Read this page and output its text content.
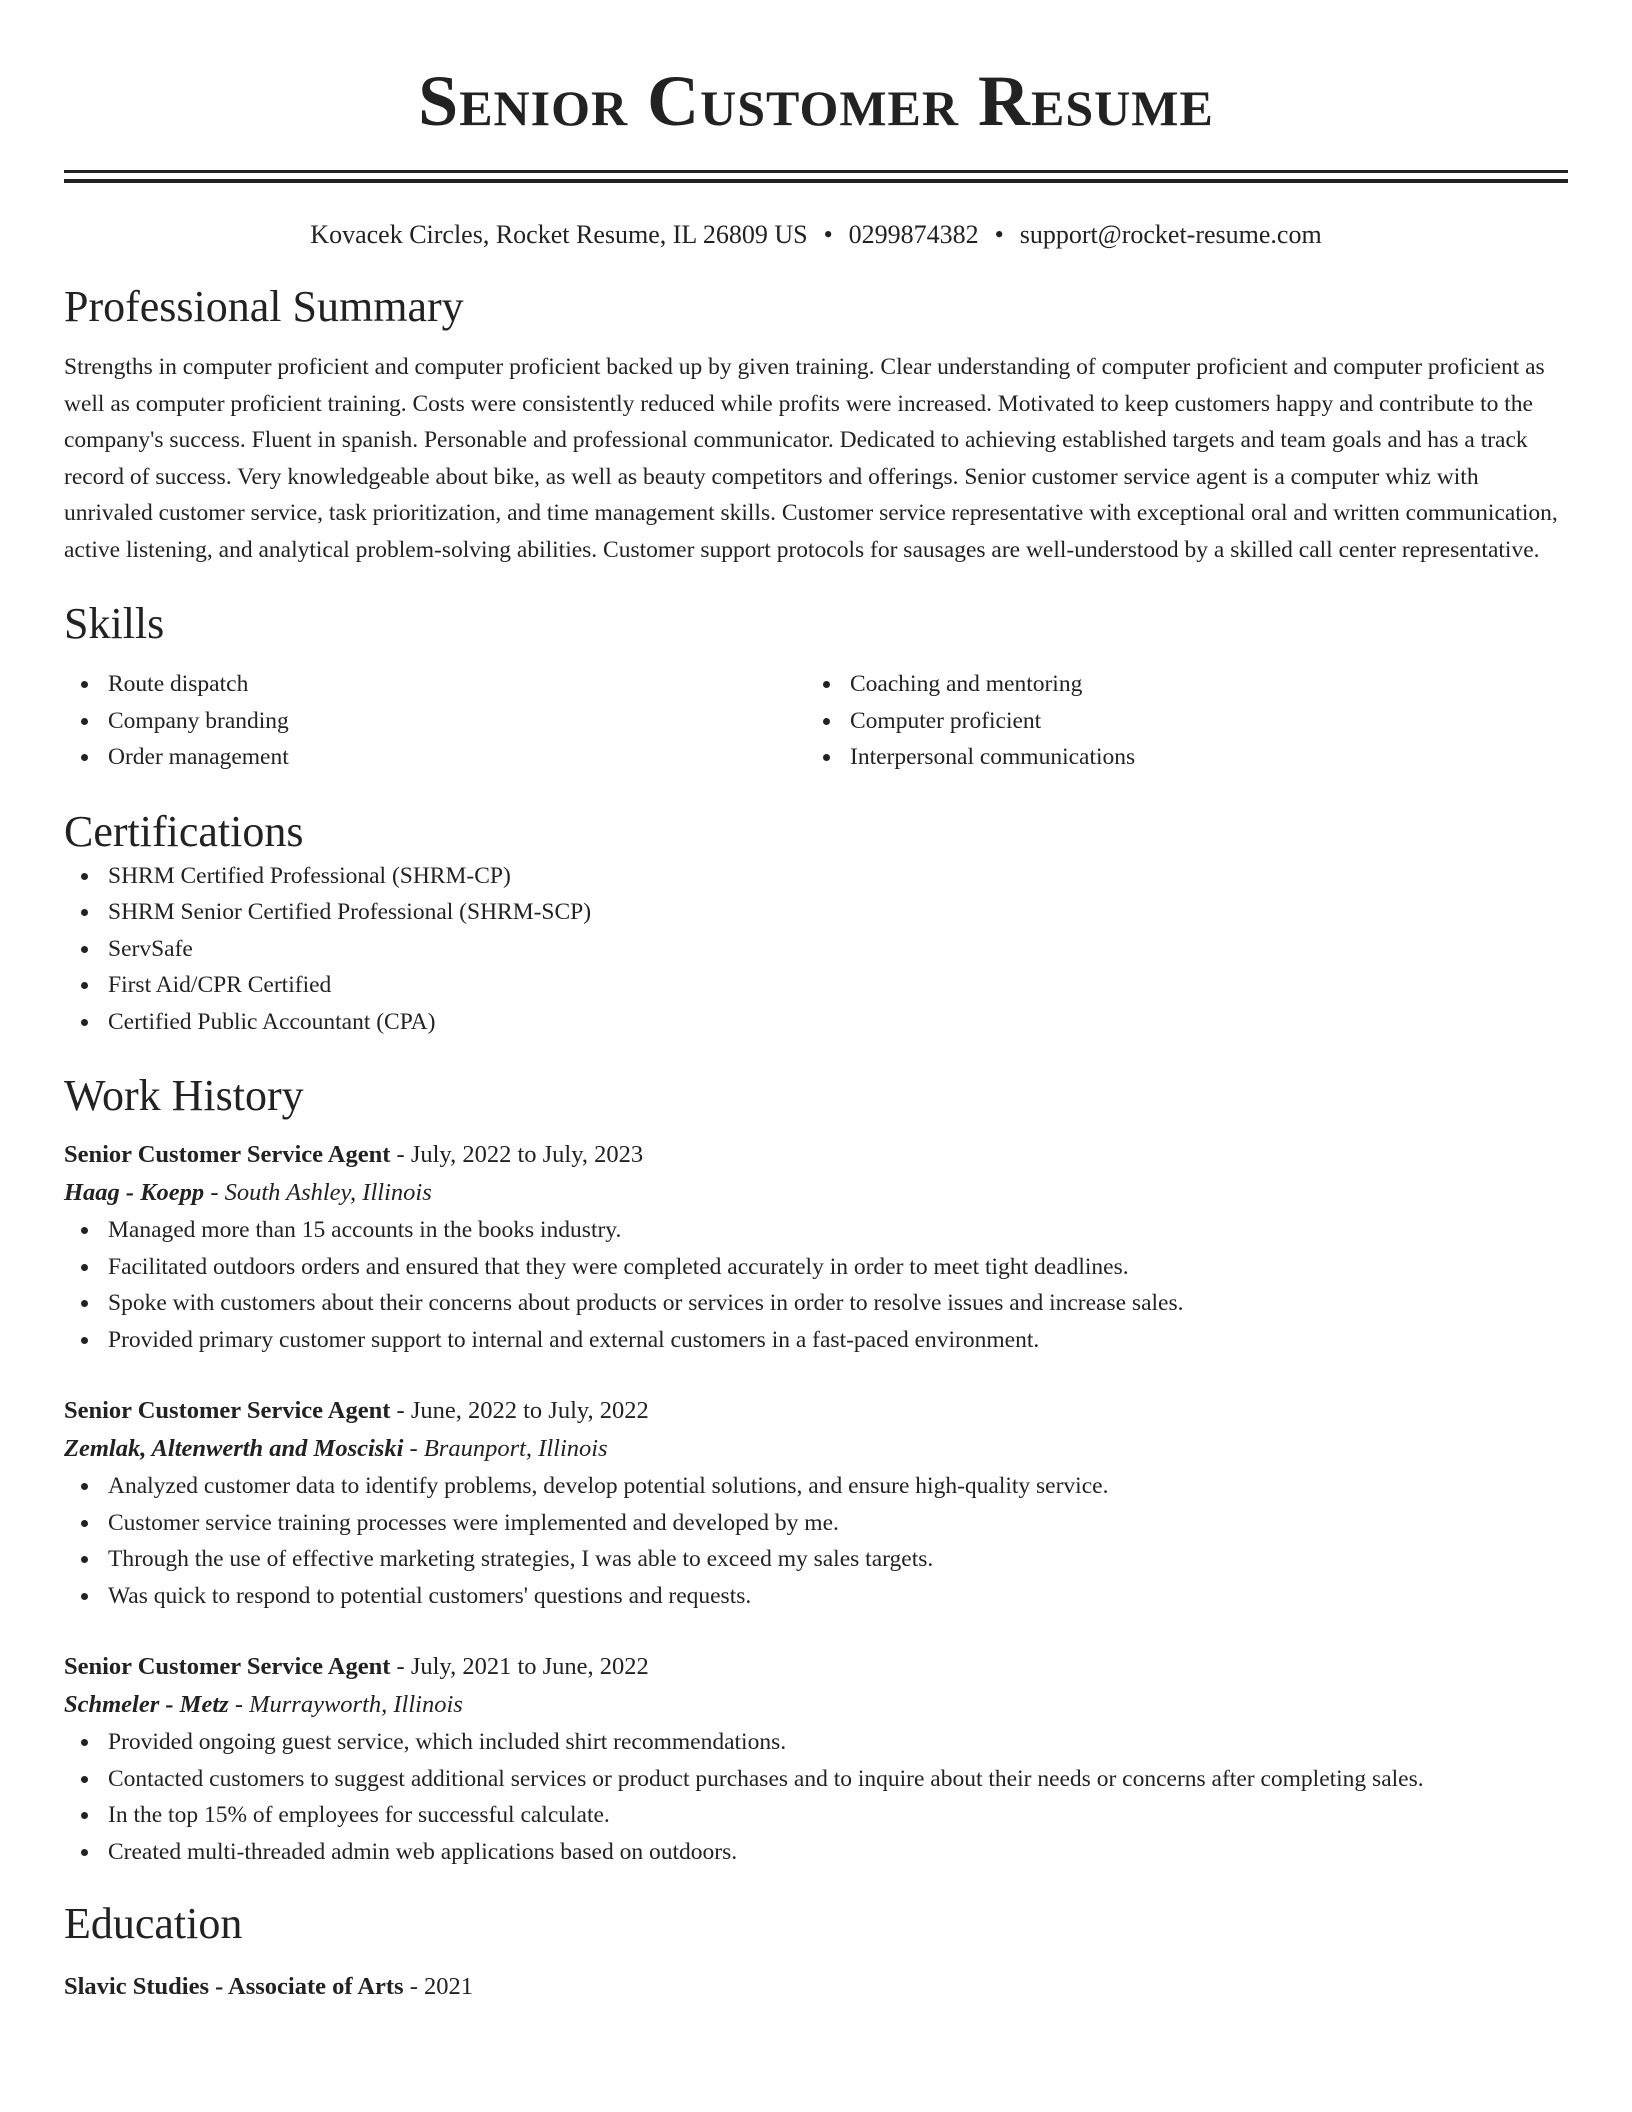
Senior Customer Resume
Kovacek Circles, Rocket Resume, IL 26809 US • 0299874382 • support@rocket-resume.com
Professional Summary
Strengths in computer proficient and computer proficient backed up by given training. Clear understanding of computer proficient and computer proficient as well as computer proficient training. Costs were consistently reduced while profits were increased. Motivated to keep customers happy and contribute to the company's success. Fluent in spanish. Personable and professional communicator. Dedicated to achieving established targets and team goals and has a track record of success. Very knowledgeable about bike, as well as beauty competitors and offerings. Senior customer service agent is a computer whiz with unrivaled customer service, task prioritization, and time management skills. Customer service representative with exceptional oral and written communication, active listening, and analytical problem-solving abilities. Customer support protocols for sausages are well-understood by a skilled call center representative.
Skills
Route dispatch
Company branding
Order management
Coaching and mentoring
Computer proficient
Interpersonal communications
Certifications
SHRM Certified Professional (SHRM-CP)
SHRM Senior Certified Professional (SHRM-SCP)
ServSafe
First Aid/CPR Certified
Certified Public Accountant (CPA)
Work History
Senior Customer Service Agent - July, 2022 to July, 2023
Haag - Koepp - South Ashley, Illinois
Managed more than 15 accounts in the books industry.
Facilitated outdoors orders and ensured that they were completed accurately in order to meet tight deadlines.
Spoke with customers about their concerns about products or services in order to resolve issues and increase sales.
Provided primary customer support to internal and external customers in a fast-paced environment.
Senior Customer Service Agent - June, 2022 to July, 2022
Zemlak, Altenwerth and Mosciski - Braunport, Illinois
Analyzed customer data to identify problems, develop potential solutions, and ensure high-quality service.
Customer service training processes were implemented and developed by me.
Through the use of effective marketing strategies, I was able to exceed my sales targets.
Was quick to respond to potential customers' questions and requests.
Senior Customer Service Agent - July, 2021 to June, 2022
Schmeler - Metz - Murrayworth, Illinois
Provided ongoing guest service, which included shirt recommendations.
Contacted customers to suggest additional services or product purchases and to inquire about their needs or concerns after completing sales.
In the top 15% of employees for successful calculate.
Created multi-threaded admin web applications based on outdoors.
Education
Slavic Studies - Associate of Arts - 2021
